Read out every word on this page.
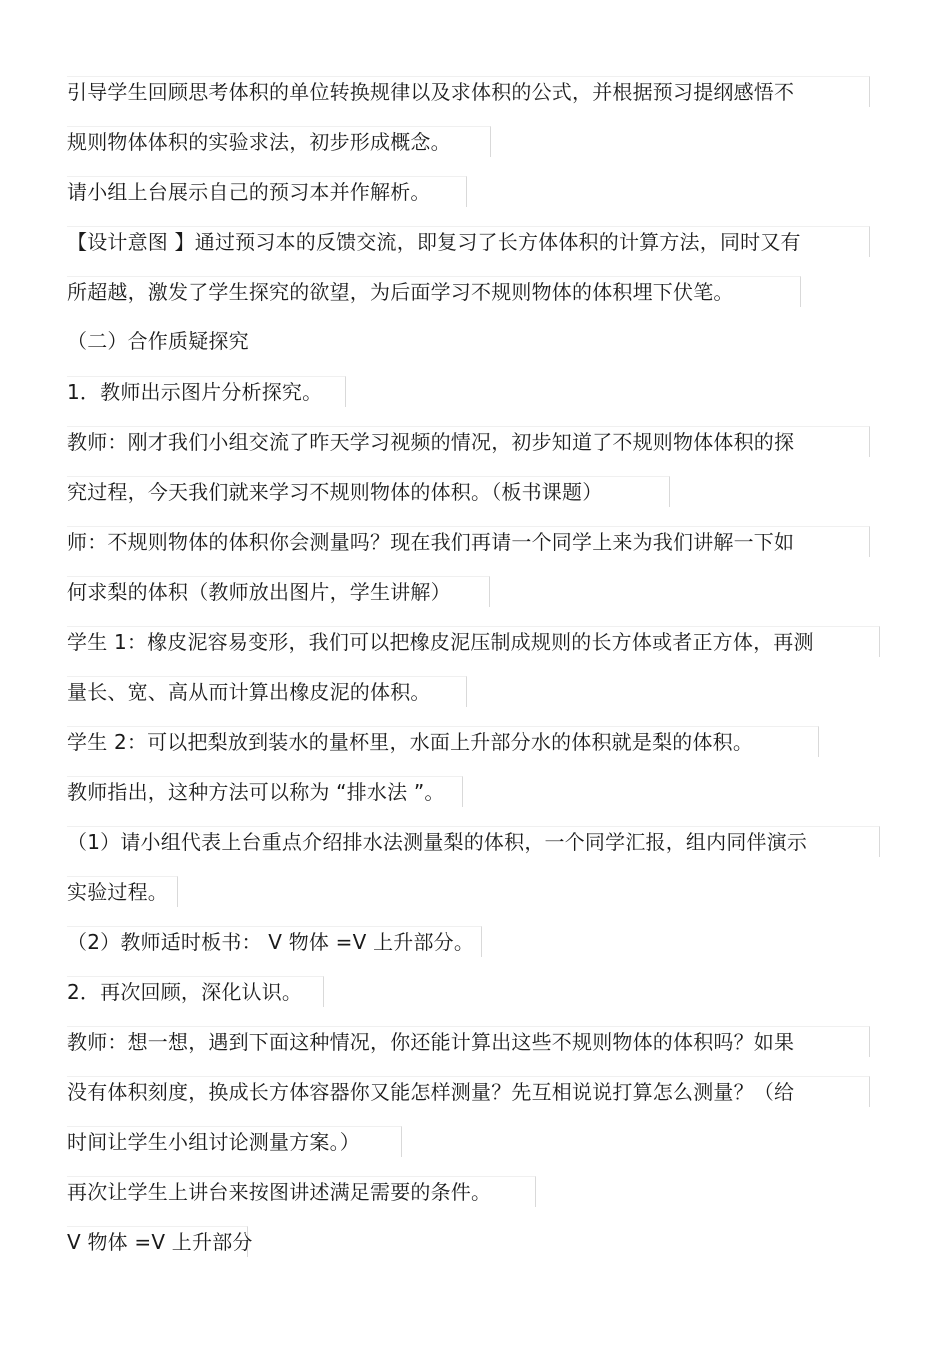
引导学生回顾思考体积的单位转换规律以及求体积的公式，并根据预习提纲感悟不
规则物体体积的实验求法，初步形成概念。
请小组上台展示自己的预习本并作解析。
【设计意图 】通过预习本的反馈交流，即复习了长方体体积的计算方法，同时又有
所超越，激发了学生探究的欲望，为后面学习不规则物体的体积埋下伏笔。
（二）合作质疑探究
1．教师出示图片分析探究。
教师：刚才我们小组交流了昨天学习视频的情况，初步知道了不规则物体体积的探
究过程，今天我们就来学习不规则物体的体积。（板书课题）
师：不规则物体的体积你会测量吗？现在我们再请一个同学上来为我们讲解一下如
何求梨的体积（教师放出图片，学生讲解）
学生 1：橡皮泥容易变形，我们可以把橡皮泥压制成规则的长方体或者正方体，再测
量长、宽、高从而计算出橡皮泥的体积。
学生 2：可以把梨放到装水的量杯里，水面上升部分水的体积就是梨的体积。
教师指出，这种方法可以称为 “排水法 ”。
（1）请小组代表上台重点介绍排水法测量梨的体积，一个同学汇报，组内同伴演示
实验过程。
（2）教师适时板书： V 物体 =V 上升部分。
2．再次回顾，深化认识。
教师：想一想，遇到下面这种情况，你还能计算出这些不规则物体的体积吗？如果
没有体积刻度，换成长方体容器你又能怎样测量？先互相说说打算怎么测量？（给
时间让学生小组讨论测量方案。）
再次让学生上讲台来按图讲述满足需要的条件。
V 物体 =V 上升部分
